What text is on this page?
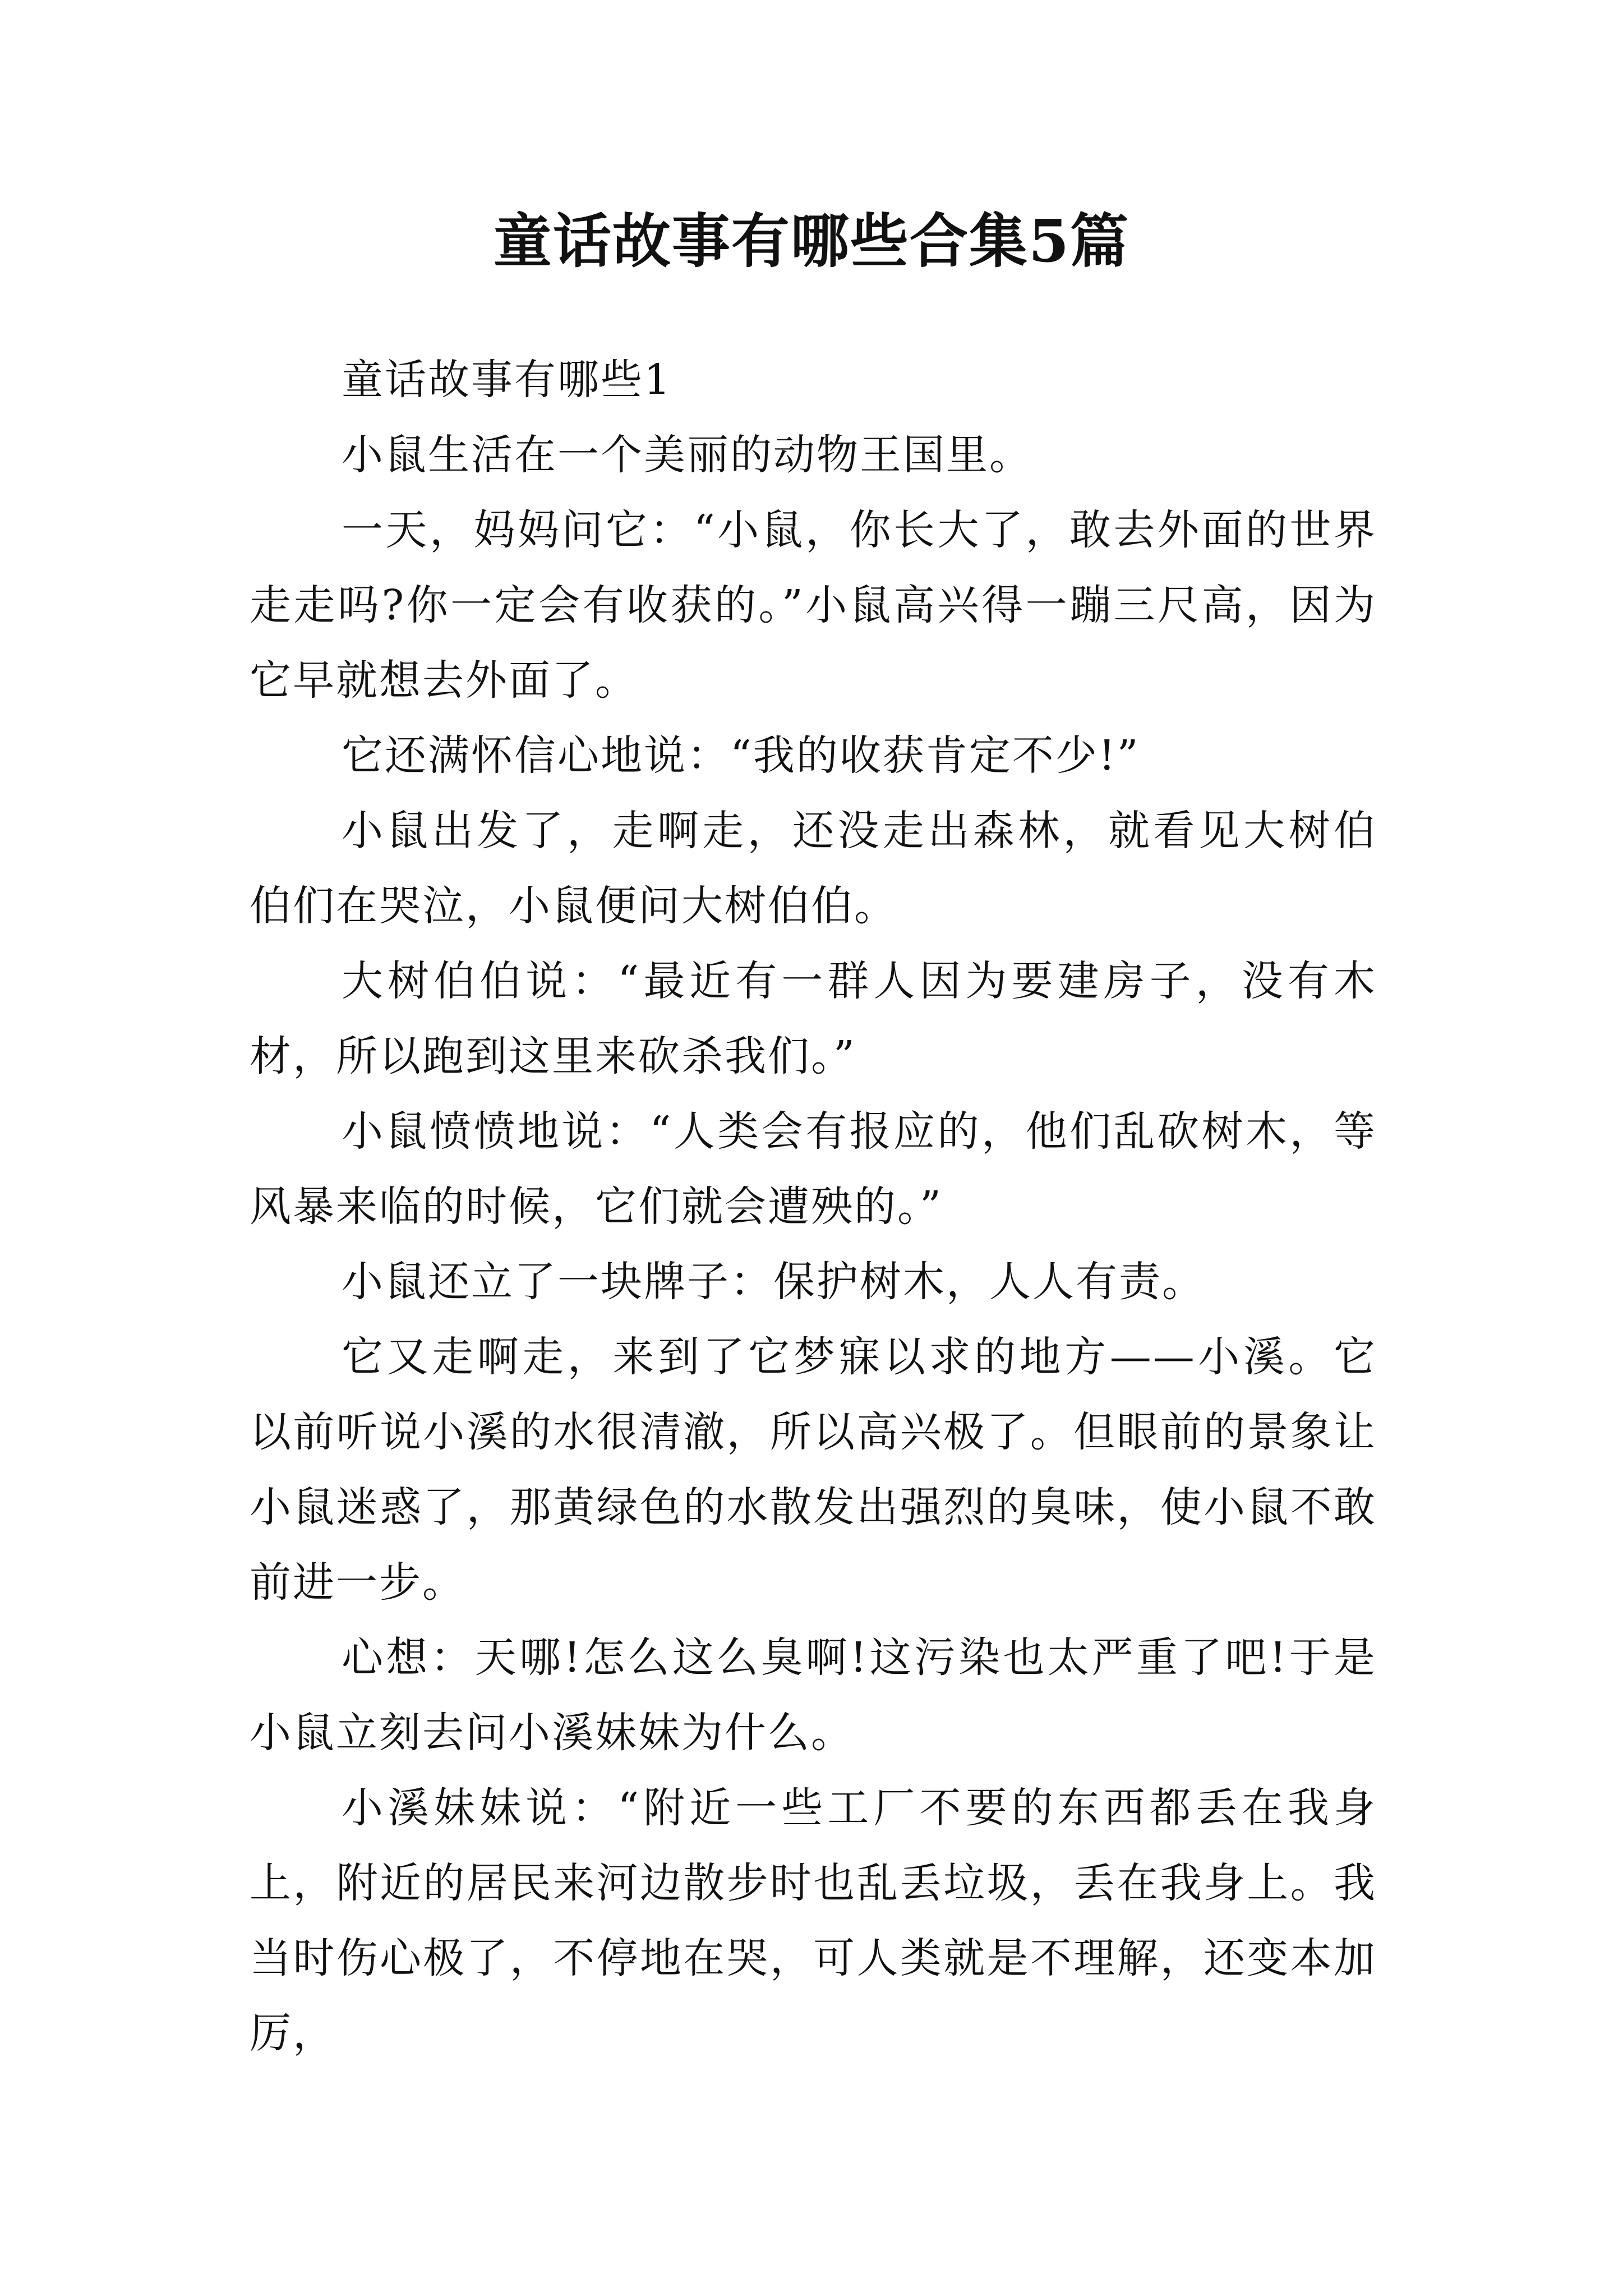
童话故事有哪些合集5篇

童话故事有哪些1

小鼠生活在一个美丽的动物王国里。

一天，妈妈问它：“小鼠，你长大了，敢去外面的世界走走吗?你一定会有收获的。”小鼠高兴得一蹦三尺高，因为它早就想去外面了。

它还满怀信心地说：“我的收获肯定不少!”

小鼠出发了，走啊走，还没走出森林，就看见大树伯伯们在哭泣，小鼠便问大树伯伯。

大树伯伯说：“最近有一群人因为要建房子，没有木材，所以跑到这里来砍杀我们。”

小鼠愤愤地说：“人类会有报应的，他们乱砍树木，等风暴来临的时候，它们就会遭殃的。”

小鼠还立了一块牌子：保护树木，人人有责。

它又走啊走，来到了它梦寐以求的地方——小溪。它以前听说小溪的水很清澈，所以高兴极了。但眼前的景象让小鼠迷惑了，那黄绿色的水散发出强烈的臭味，使小鼠不敢前进一步。

心想：天哪!怎么这么臭啊!这污染也太严重了吧!于是小鼠立刻去问小溪妹妹为什么。

小溪妹妹说：“附近一些工厂不要的东西都丢在我身上，附近的居民来河边散步时也乱丢垃圾，丢在我身上。我当时伤心极了，不停地在哭，可人类就是不理解，还变本加厉，
